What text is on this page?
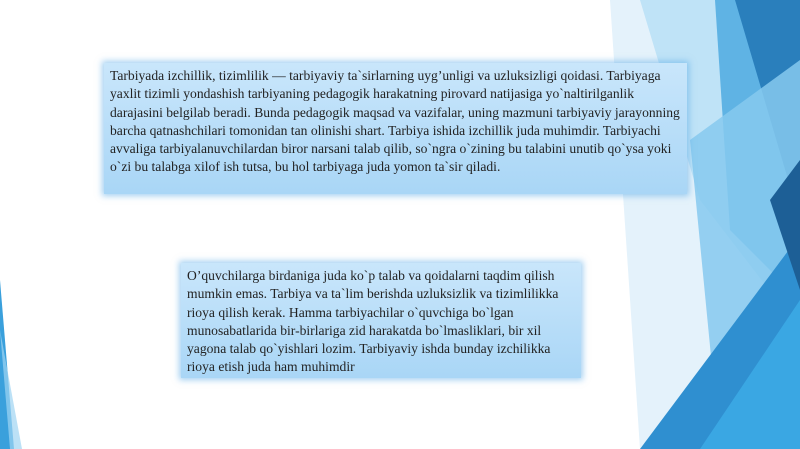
Tarbiyada izchillik, tizimlilik — tarbiyaviy ta`sirlarning uyg’unligi va uzluksizligi qoidasi. Tarbiyaga yaxlit tizimli yondashish tarbiyaning pedagogik harakatning pirovard natijasiga yo`naltirilganlik darajasini belgilab beradi. Bunda pedagogik maqsad va vazifalar, uning mazmuni tarbiyaviy jarayonning barcha qatnashchilari tomonidan tan olinishi shart. Tarbiya ishida izchillik juda muhimdir. Tarbiyachi avvaliga tarbiyalanuvchilardan biror narsani talab qilib, so`ngra o`zining bu talabini unutib qo`ysa yoki o`zi bu talabga xilof ish tutsa, bu hol tarbiyaga juda yomon ta`sir qiladi.
O’quvchilarga birdaniga juda ko`p talab va qoidalarni taqdim qilish mumkin emas. Tarbiya va ta`lim berishda uzluksizlik va tizimlilikka rioya qilish kerak. Hamma tarbiyachilar o`quvchiga bo`lgan munosabatlarida bir-birlariga zid harakatda bo`lmasliklari, bir xil yagona talab qo`yishlari lozim. Tarbiyaviy ishda bunday izchilikka rioya etish juda ham muhimdir
